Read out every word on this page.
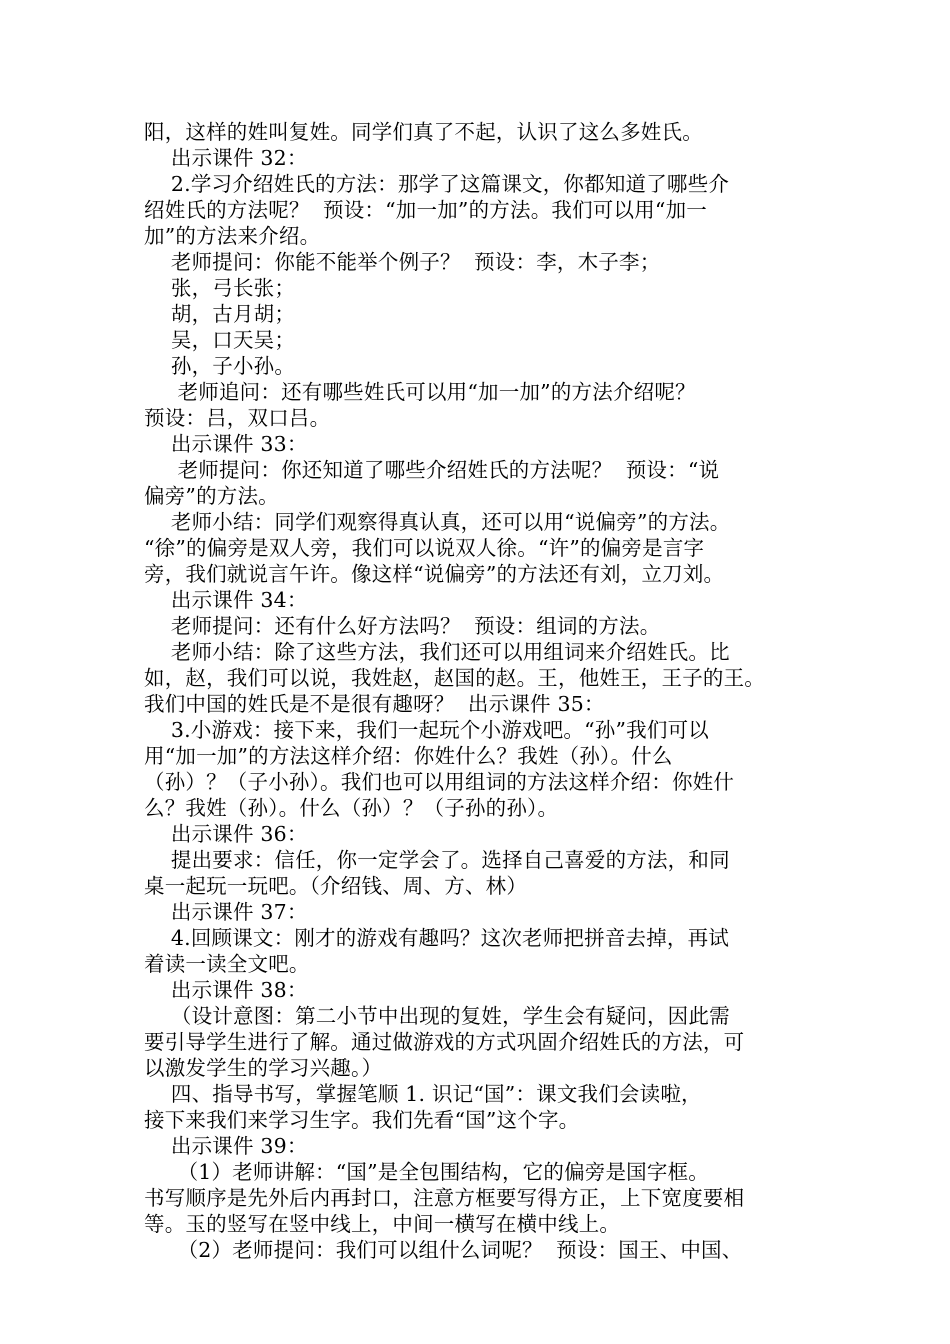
阳，这样的姓叫复姓。同学们真了不起，认识了这么多姓氏。
出示课件 32：
2.学习介绍姓氏的方法：那学了这篇课文，你都知道了哪些介
绍姓氏的方法呢？  预设：“加一加”的方法。我们可以用“加一
加”的方法来介绍。
老师提问：你能不能举个例子？  预设：李，木子李；
张，弓长张；
胡，古月胡；
吴，口天吴；
孙，子小孙。
老师追问：还有哪些姓氏可以用“加一加”的方法介绍呢？
预设：吕，双口吕。
出示课件 33：
老师提问：你还知道了哪些介绍姓氏的方法呢？  预设：“说
偏旁”的方法。
老师小结：同学们观察得真认真，还可以用“说偏旁”的方法。
“徐”的偏旁是双人旁，我们可以说双人徐。“许”的偏旁是言字
旁，我们就说言午许。像这样“说偏旁”的方法还有刘，立刀刘。
出示课件 34：
老师提问：还有什么好方法吗？  预设：组词的方法。
老师小结：除了这些方法，我们还可以用组词来介绍姓氏。比
如，赵，我们可以说，我姓赵，赵国的赵。王，他姓王，王子的王。
我们中国的姓氏是不是很有趣呀？  出示课件 35：
3.小游戏：接下来，我们一起玩个小游戏吧。“孙”我们可以
用“加一加”的方法这样介绍：你姓什么？我姓（孙）。什么
（孙）？（子小孙）。我们也可以用组词的方法这样介绍：你姓什
么？我姓（孙）。什么（孙）？（子孙的孙）。
出示课件 36：
提出要求：信任，你一定学会了。选择自己喜爱的方法，和同
桌一起玩一玩吧。（介绍钱、周、方、林）
出示课件 37：
4.回顾课文：刚才的游戏有趣吗？这次老师把拼音去掉，再试
着读一读全文吧。
出示课件 38：
（设计意图：第二小节中出现的复姓，学生会有疑问，因此需
要引导学生进行了解。通过做游戏的方式巩固介绍姓氏的方法，可
以激发学生的学习兴趣。）
四、指导书写，掌握笔顺 1. 识记“国”：课文我们会读啦，
接下来我们来学习生字。我们先看“国”这个字。
出示课件 39：
（1）老师讲解：“国”是全包围结构，它的偏旁是国字框。
书写顺序是先外后内再封口，注意方框要写得方正，上下宽度要相
等。玉的竖写在竖中线上，中间一横写在横中线上。
（2）老师提问：我们可以组什么词呢？  预设：国王、中国、
